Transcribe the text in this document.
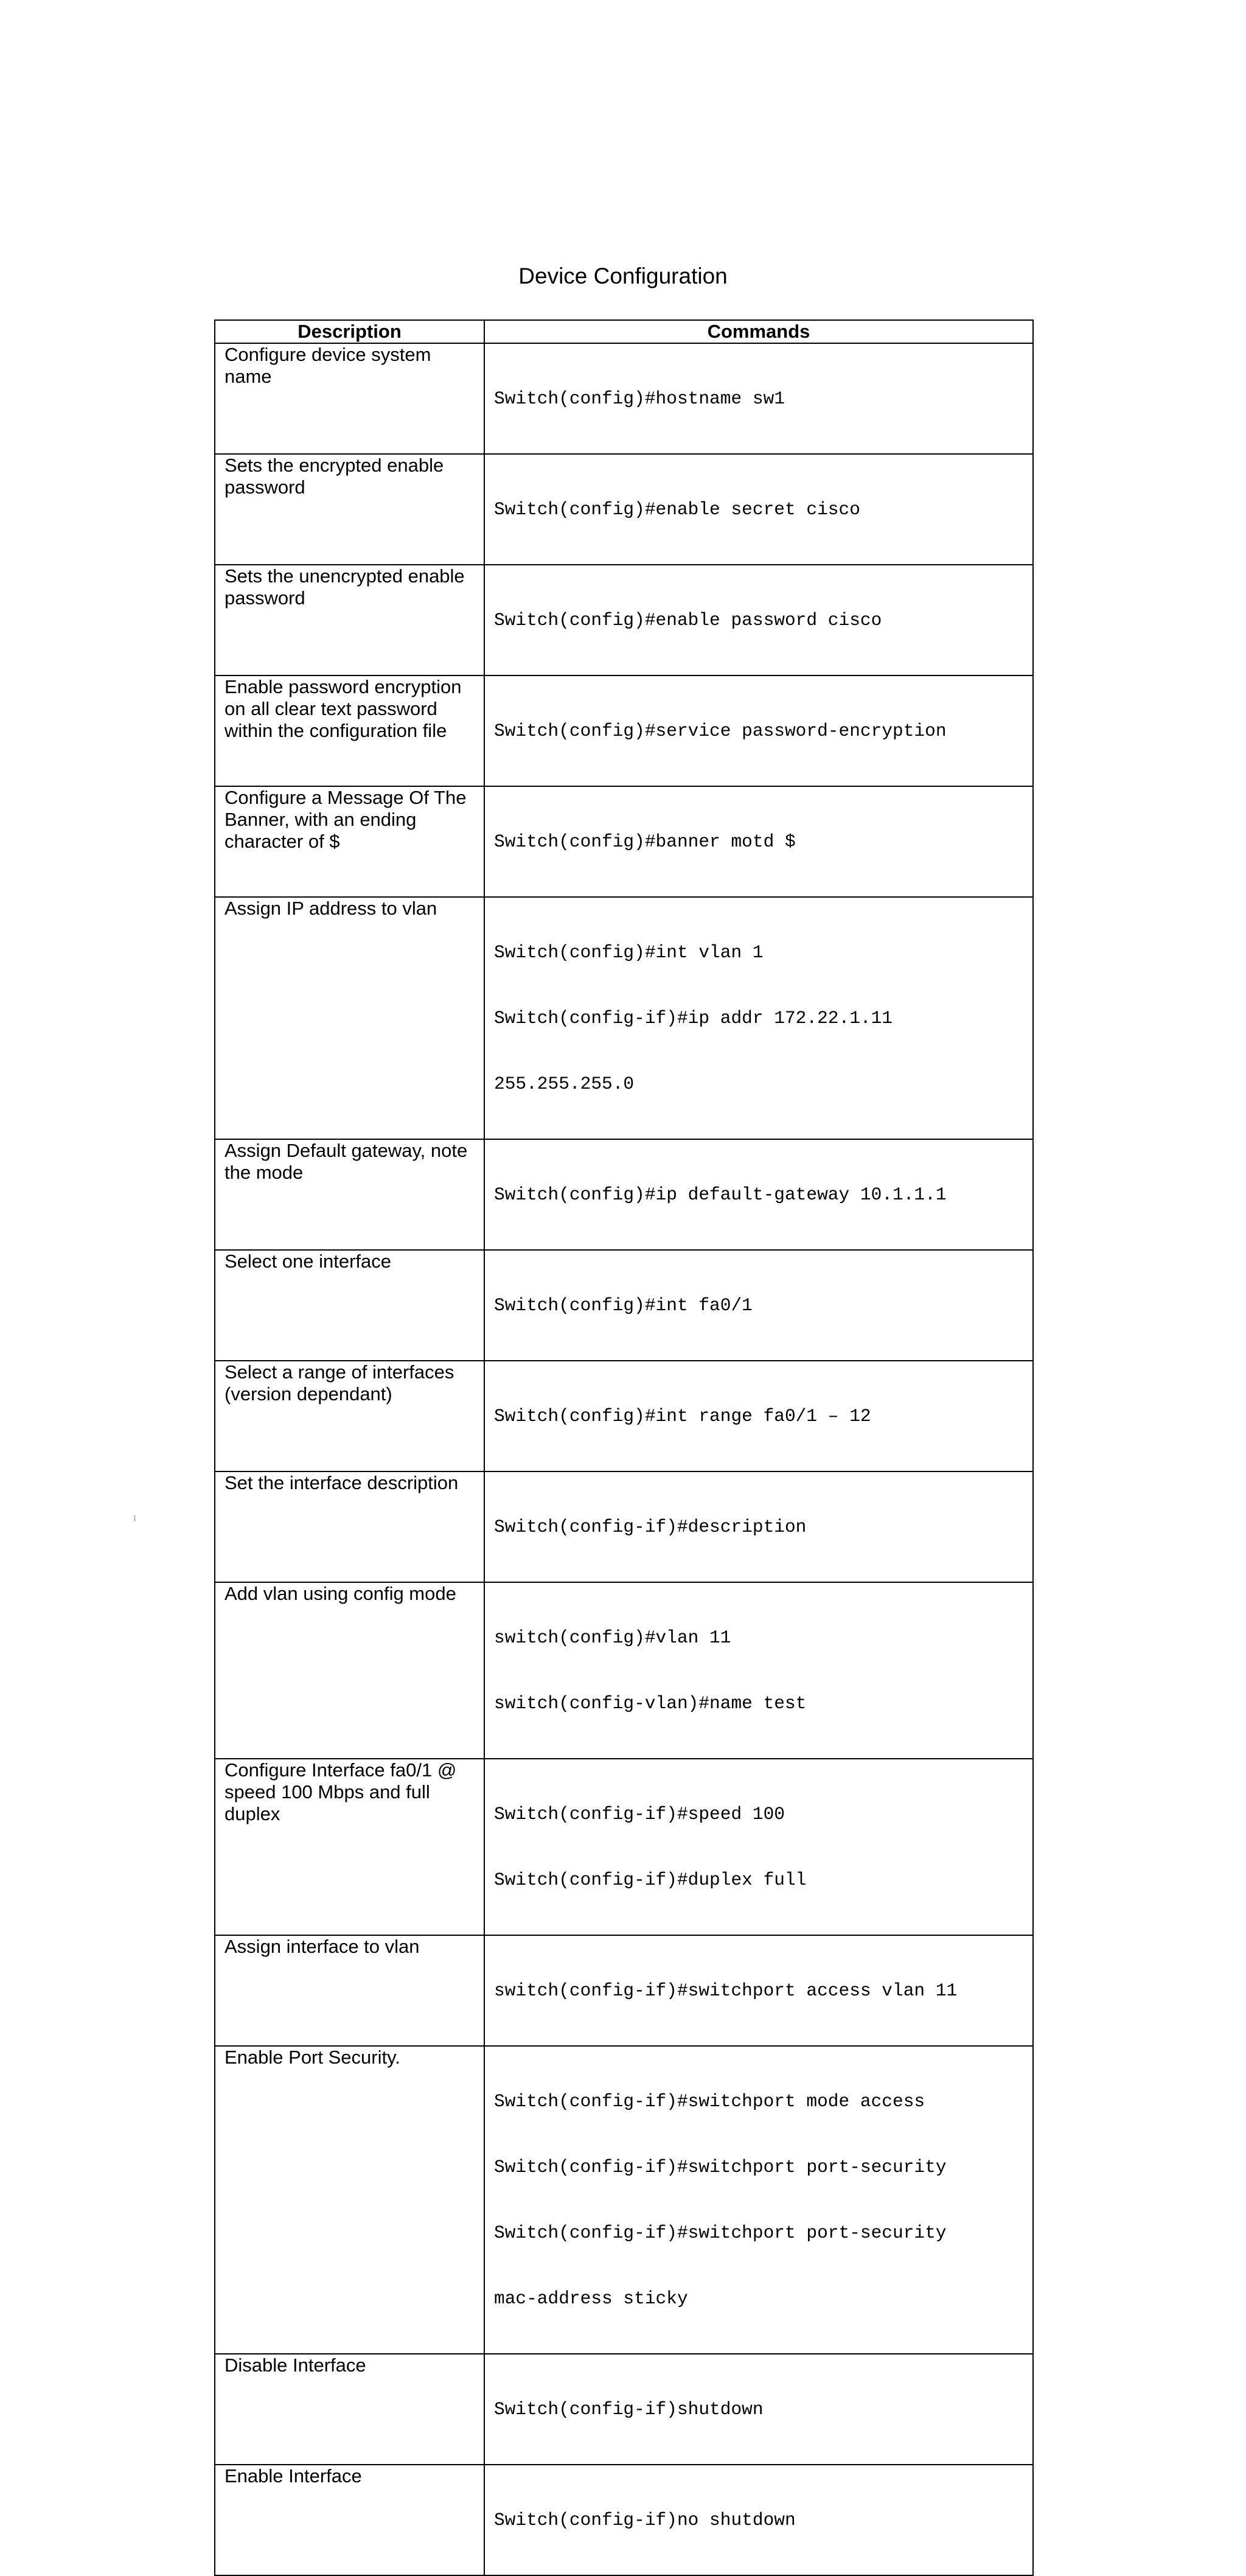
Device Configuration
Description	Commands
Configure device system name	Switch(config)#hostname sw1

Sets the encrypted enable password	Switch(config)#enable secret cisco

Sets the unencrypted enable password	Switch(config)#enable password cisco

Enable password encryption on all clear text password within the configuration file	Switch(config)#service password-encryption

Configure a Message Of The Banner, with an ending character of $	Switch(config)#banner motd $

Assign IP address to vlan	Switch(config)#int vlan 1

Switch(config-if)#ip addr 172.22.1.11

255.255.255.0

Assign Default gateway, note the mode	Switch(config)#ip default-gateway 10.1.1.1

Select one interface	Switch(config)#int fa0/1

Select a range of interfaces (version dependant)	Switch(config)#int range fa0/1 – 12

Set the interface description	Switch(config-if)#description

Add vlan using config mode	switch(config)#vlan 11

switch(config-vlan)#name test

Configure Interface fa0/1 @ speed 100 Mbps and full duplex	Switch(config-if)#speed 100

Switch(config-if)#duplex full

Assign interface to vlan	switch(config-if)#switchport access vlan 11

Enable Port Security.	Switch(config-if)#switchport mode access

Switch(config-if)#switchport port-security

Switch(config-if)#switchport port-security

mac-address sticky

Disable Interface	Switch(config-if)shutdown

Enable Interface	Switch(config-if)no shutdown

ı
